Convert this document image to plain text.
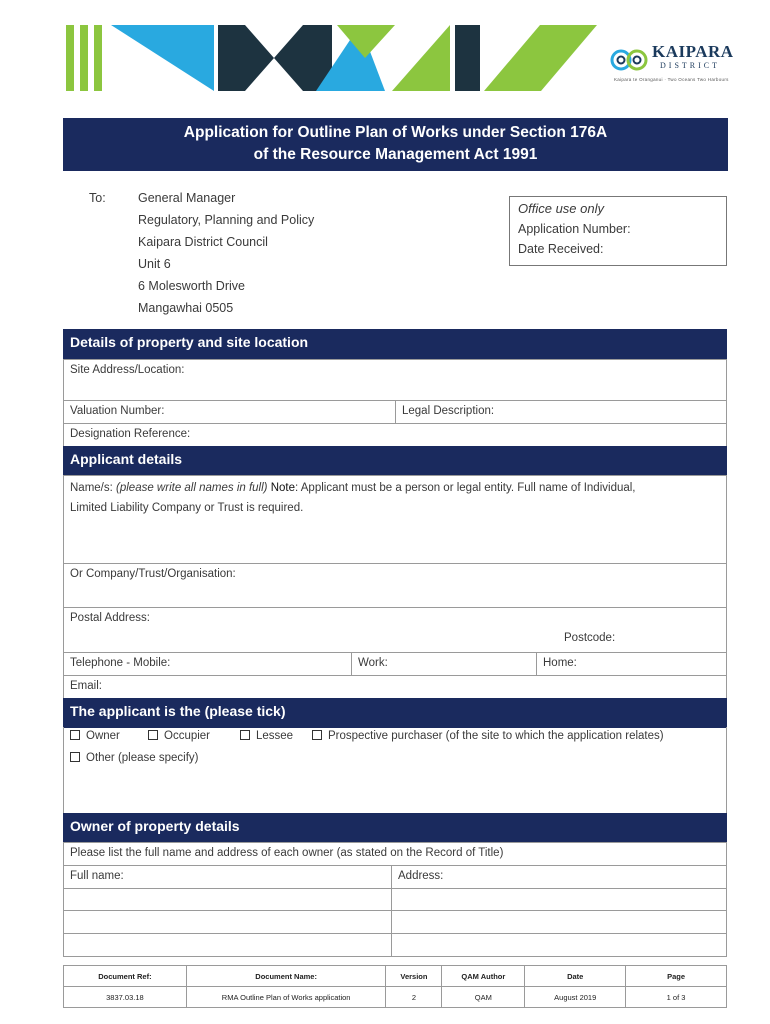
KAIPARA
DISTRICT
Kaipara te Oranganui · Two Oceans Two Harbours
Application for Outline Plan of Works under Section 176A
of the Resource Management Act 1991
To:	General Manager
Regulatory, Planning and Policy
Kaipara District Council
Unit 6
6 Molesworth Drive
Mangawhai 0505
Office use only
Application Number:
Date Received:
Details of property and site location
Site Address/Location:
Valuation Number:	Legal Description:
Designation Reference:
Applicant details
Name/s: (please write all names in full) Note: Applicant must be a person or legal entity. Full name of Individual,
Limited Liability Company or Trust is required.
Or Company/Trust/Organisation:
Postal Address:
Postcode:
Telephone - Mobile:	Work:	Home:
Email:
The applicant is the (please tick)
Owner	Occupier	Lessee	Prospective purchaser (of the site to which the application relates)
Other (please specify)
Owner of property details
Please list the full name and address of each owner (as stated on the Record of Title)
Full name:	Address:
Document Ref:	Document Name:	Version	QAM Author	Date	Page
3837.03.18	RMA Outline Plan of Works application	2	QAM	August 2019	1 of 3
